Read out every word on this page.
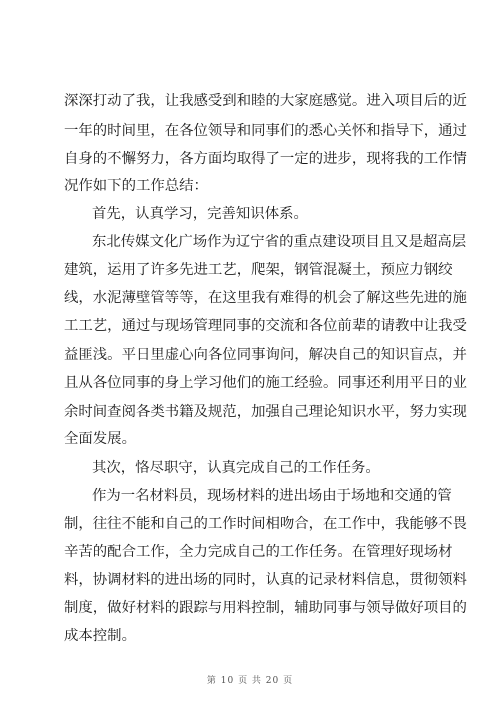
深深打动了我，让我感受到和睦的大家庭感觉。进入项目后的近
一年的时间里，在各位领导和同事们的悉心关怀和指导下，通过
自身的不懈努力，各方面均取得了一定的进步，现将我的工作情
况作如下的工作总结：
首先，认真学习，完善知识体系。
东北传媒文化广场作为辽宁省的重点建设项目且又是超高层
建筑，运用了许多先进工艺，爬架，钢管混凝土，预应力钢绞
线，水泥薄壁管等等，在这里我有难得的机会了解这些先进的施
工工艺，通过与现场管理同事的交流和各位前辈的请教中让我受
益匪浅。平日里虚心向各位同事询问，解决自己的知识盲点，并
且从各位同事的身上学习他们的施工经验。同事还利用平日的业
余时间查阅各类书籍及规范，加强自己理论知识水平，努力实现
全面发展。
其次，恪尽职守，认真完成自己的工作任务。
作为一名材料员，现场材料的进出场由于场地和交通的管
制，往往不能和自己的工作时间相吻合，在工作中，我能够不畏
辛苦的配合工作，全力完成自己的工作任务。在管理好现场材
料，协调材料的进出场的同时，认真的记录材料信息，贯彻领料
制度，做好材料的跟踪与用料控制，辅助同事与领导做好项目的
成本控制。
第 10 页 共 20 页
